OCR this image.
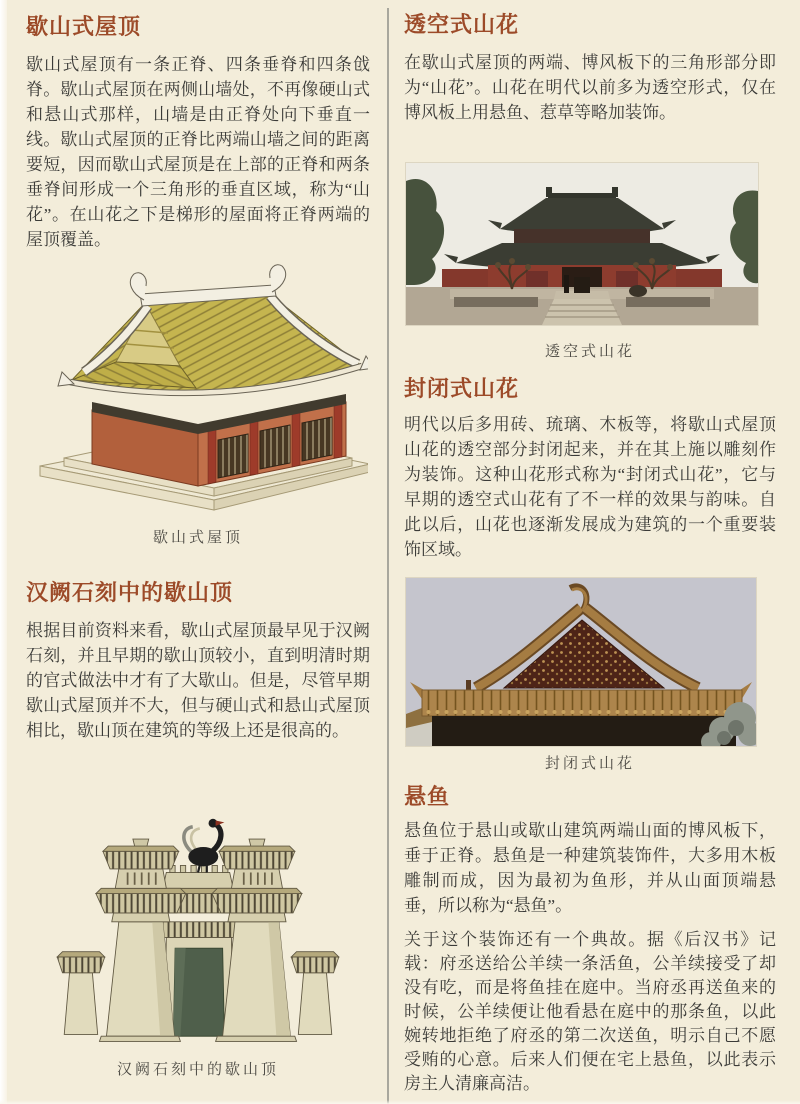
歇山式屋顶
歇山式屋顶有一条正脊、四条垂脊和四条戗脊。歇山式屋顶在两侧山墙处，不再像硬山式和悬山式那样，山墙是由正脊处向下垂直一线。歇山式屋顶的正脊比两端山墙之间的距离要短，因而歇山式屋顶是在上部的正脊和两条垂脊间形成一个三角形的垂直区域，称为“山花”。在山花之下是梯形的屋面将正脊两端的屋顶覆盖。
歇山式屋顶
汉阙石刻中的歇山顶
根据目前资料来看，歇山式屋顶最早见于汉阙石刻，并且早期的歇山顶较小，直到明清时期的官式做法中才有了大歇山。但是，尽管早期歇山式屋顶并不大，但与硬山式和悬山式屋顶相比，歇山顶在建筑的等级上还是很高的。
汉阙石刻中的歇山顶
透空式山花
在歇山式屋顶的两端、博风板下的三角形部分即为“山花”。山花在明代以前多为透空形式，仅在博风板上用悬鱼、惹草等略加装饰。
透空式山花
封闭式山花
明代以后多用砖、琉璃、木板等，将歇山式屋顶山花的透空部分封闭起来，并在其上施以雕刻作为装饰。这种山花形式称为“封闭式山花”，它与早期的透空式山花有了不一样的效果与韵味。自此以后，山花也逐渐发展成为建筑的一个重要装饰区域。
封闭式山花
悬鱼
悬鱼位于悬山或歇山建筑两端山面的博风板下，垂于正脊。悬鱼是一种建筑装饰件，大多用木板雕制而成，因为最初为鱼形，并从山面顶端悬垂，所以称为“悬鱼”。
关于这个装饰还有一个典故。据《后汉书》记载：府丞送给公羊续一条活鱼，公羊续接受了却没有吃，而是将鱼挂在庭中。当府丞再送鱼来的时候，公羊续便让他看悬在庭中的那条鱼，以此婉转地拒绝了府丞的第二次送鱼，明示自己不愿受贿的心意。后来人们便在宅上悬鱼，以此表示房主人清廉高洁。
